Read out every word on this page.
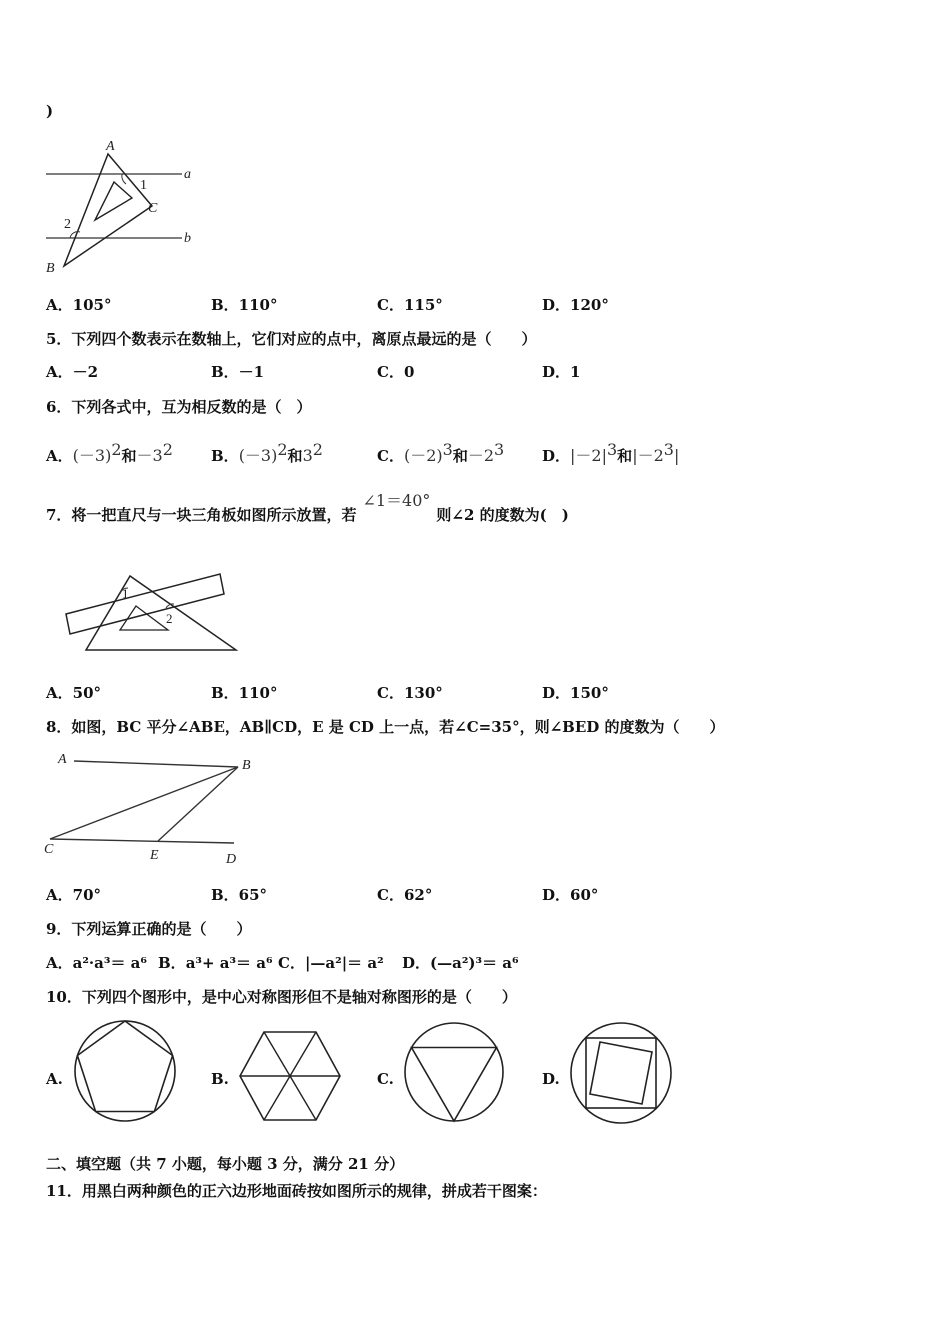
)
A
a
1
C
2
b
B
A．105°	B．110°	C．115°	D．120°
5．下列四个数表示在数轴上，它们对应的点中，离原点最远的是（　　）
A．－2	B．－1	C．0	D．1
6．下列各式中，互为相反数的是（　）
A．$(-3)^2$和$-3^2$	B．$(-3)^2$和$3^2$	C．$(-2)^3$和$-2^3$	D．$|-2|^3$和$|-2^3|$
7．将一把直尺与一块三角板如图所示放置，若∠1＝40°则∠2 的度数为(　)
1
2
A．50°	B．110°	C．130°	D．150°
8．如图，BC 平分∠ABE，AB∥CD，E 是 CD 上一点，若∠C=35°，则∠BED 的度数为（　　）
A	B
C	E	D
A．70°	B．65°	C．62°	D．60°
9．下列运算正确的是（　　）
A．a²·a³＝ a⁶ B．a³+ a³＝ a⁶ C．|—a²|＝ a² D．(—a²)³＝ a⁶
10．下列四个图形中，是中心对称图形但不是轴对称图形的是（　　）
A.	B.	C.	D.
二、填空题（共 7 小题，每小题 3 分，满分 21 分）
11．用黑白两种颜色的正六边形地面砖按如图所示的规律，拼成若干图案：
